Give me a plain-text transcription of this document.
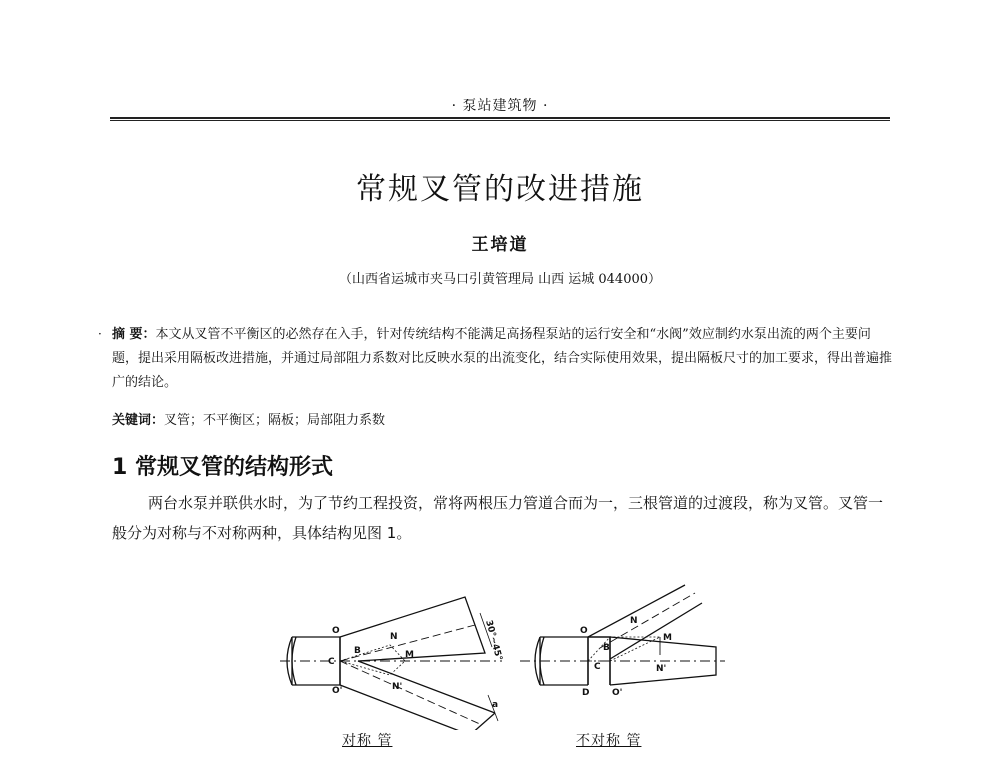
· 泵站建筑物 ·
常规叉管的改进措施
王培道
（山西省运城市夹马口引黄管理局 山西 运城 044000）
· 摘 要：本文从叉管不平衡区的必然存在入手，针对传统结构不能满足高扬程泵站的运行安全和“水阀”效应制约水泵出流的两个主要问题，提出采用隔板改进措施，并通过局部阻力系数对比反映水泵的出流变化，结合实际使用效果，提出隔板尺寸的加工要求，得出普遍推广的结论。
关键词：叉管；不平衡区；隔板；局部阻力系数
1 常规叉管的结构形式
两台水泵并联供水时，为了节约工程投资，常将两根压力管道合而为一，三根管道的过渡段，称为叉管。叉管一般分为对称与不对称两种，具体结构见图 1。
O
N
B	M
C
O'	N'
30°~45°
a
O
N
B
M
C	N'
D	O'
对称 管	不对称 管
